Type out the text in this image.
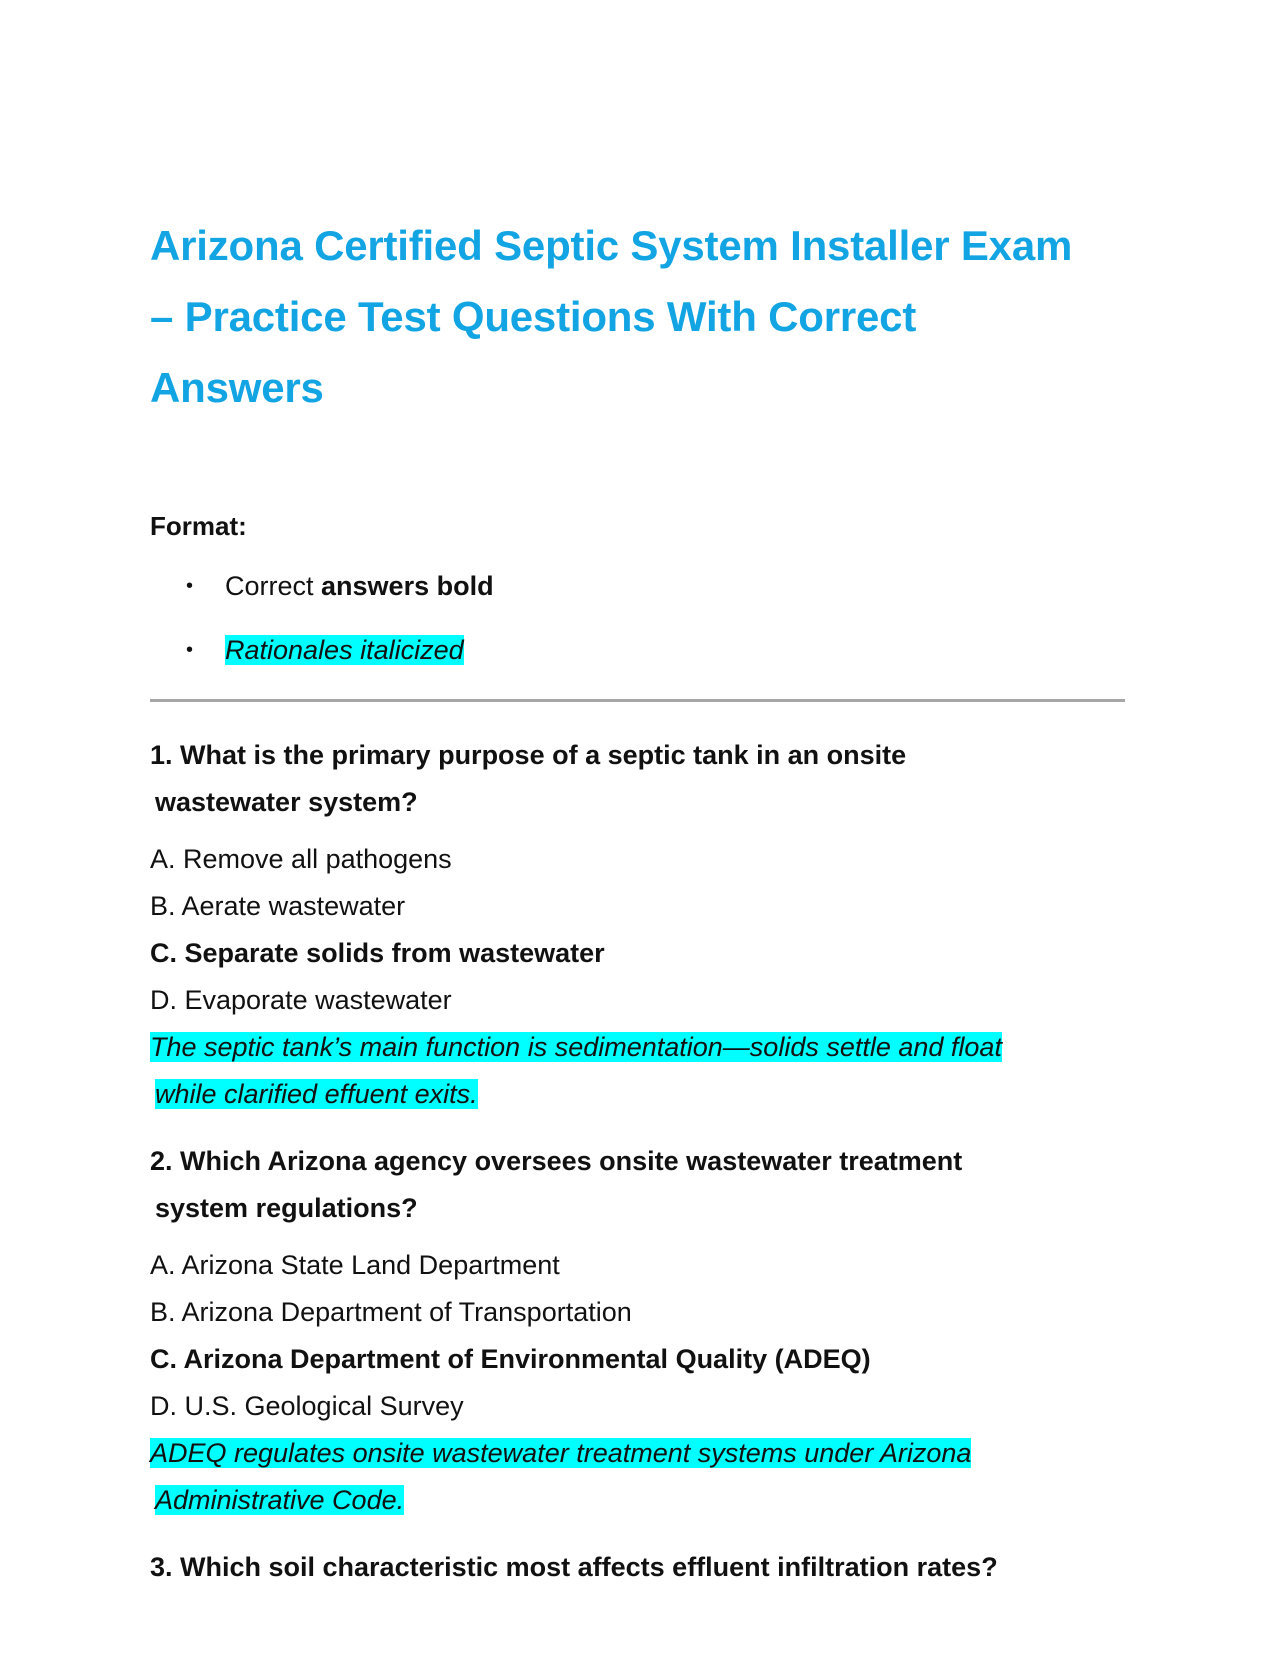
Arizona Certified Septic System Installer Exam
– Practice Test Questions With Correct
Answers
Format:
• Correct answers bold
• Rationales italicized

1. What is the primary purpose of a septic tank in an onsite
wastewater system?

A. Remove all pathogens
B. Aerate wastewater
C. Separate solids from wastewater
D. Evaporate wastewater

The septic tank’s main function is sedimentation—solids settle and float
while clarified effuent exits.

2. Which Arizona agency oversees onsite wastewater treatment
system regulations?

A. Arizona State Land Department
B. Arizona Department of Transportation
C. Arizona Department of Environmental Quality (ADEQ)
D. U.S. Geological Survey

ADEQ regulates onsite wastewater treatment systems under Arizona
Administrative Code.

3. Which soil characteristic most affects effluent infiltration rates?
